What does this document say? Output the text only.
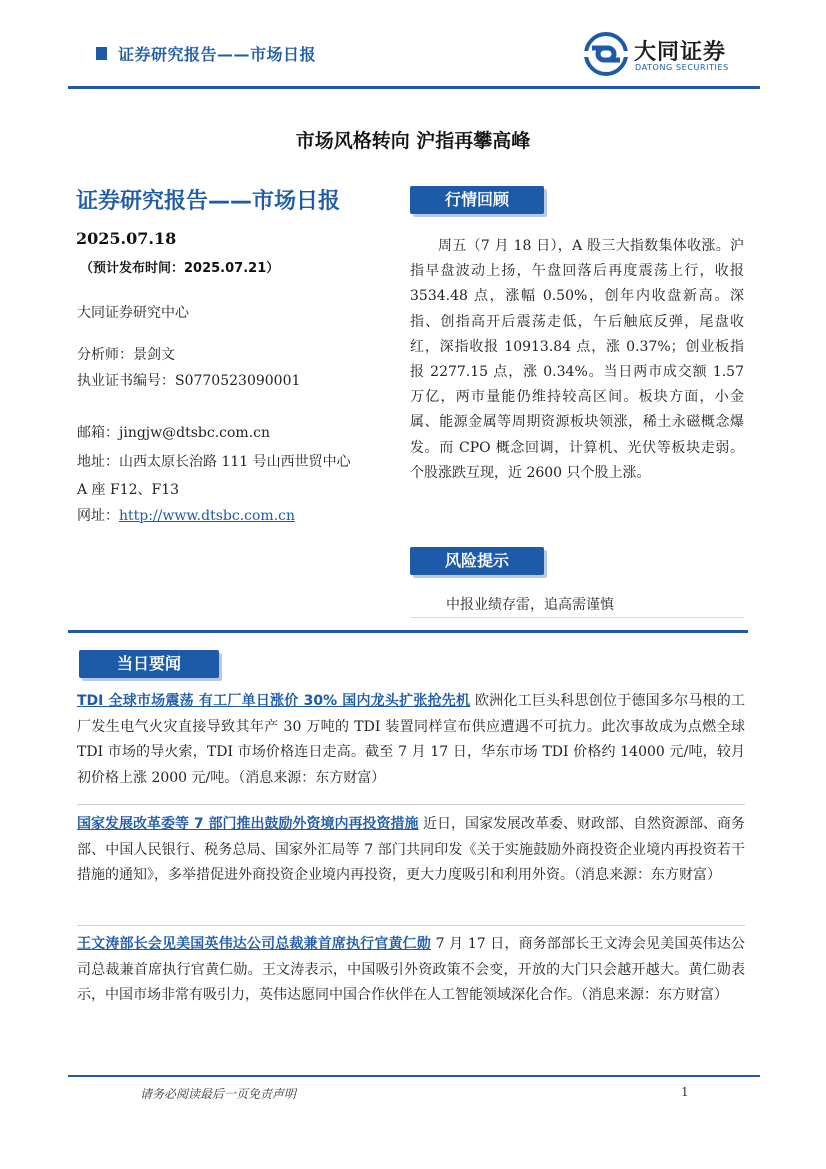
证券研究报告——市场日报	大同证券
DATONG SECURITIES
市场风格转向 沪指再攀高峰
证券研究报告——市场日报
2025.07.18
（预计发布时间：2025.07.21）
大同证券研究中心
分析师：景剑文
执业证书编号：S0770523090001
邮箱：jingjw@dtsbc.com.cn
地址：山西太原长治路 111 号山西世贸中心
A 座 F12、F13
网址：http://www.dtsbc.com.cn
行情回顾
周五（7 月 18 日），A 股三大指数集体收涨。沪指早盘波动上扬，午盘回落后再度震荡上行，收报 3534.48 点，涨幅 0.50%，创年内收盘新高。深指、创指高开后震荡走低，午后触底反弹，尾盘收红，深指收报 10913.84 点，涨 0.37%；创业板指报 2277.15 点，涨 0.34%。当日两市成交额 1.57 万亿，两市量能仍维持较高区间。板块方面，小金属、能源金属等周期资源板块领涨，稀土永磁概念爆发。而 CPO 概念回调，计算机、光伏等板块走弱。个股涨跌互现，近 2600 只个股上涨。
风险提示
中报业绩存雷，追高需谨慎
当日要闻
TDI 全球市场震荡 有工厂单日涨价 30% 国内龙头扩张抢先机 欧洲化工巨头科思创位于德国多尔马根的工厂发生电气火灾直接导致其年产 30 万吨的 TDI 装置同样宣布供应遭遇不可抗力。此次事故成为点燃全球 TDI 市场的导火索，TDI 市场价格连日走高。截至 7 月 17 日，华东市场 TDI 价格约 14000 元/吨，较月初价格上涨 2000 元/吨。（消息来源：东方财富）
国家发展改革委等 7 部门推出鼓励外资境内再投资措施 近日，国家发展改革委、财政部、自然资源部、商务部、中国人民银行、税务总局、国家外汇局等 7 部门共同印发《关于实施鼓励外商投资企业境内再投资若干措施的通知》，多举措促进外商投资企业境内再投资，更大力度吸引和利用外资。（消息来源：东方财富）
王文涛部长会见美国英伟达公司总裁兼首席执行官黄仁勋 7 月 17 日，商务部部长王文涛会见美国英伟达公司总裁兼首席执行官黄仁勋。王文涛表示，中国吸引外资政策不会变，开放的大门只会越开越大。黄仁勋表示，中国市场非常有吸引力，英伟达愿同中国合作伙伴在人工智能领域深化合作。（消息来源：东方财富）
请务必阅读最后一页免责声明	1
